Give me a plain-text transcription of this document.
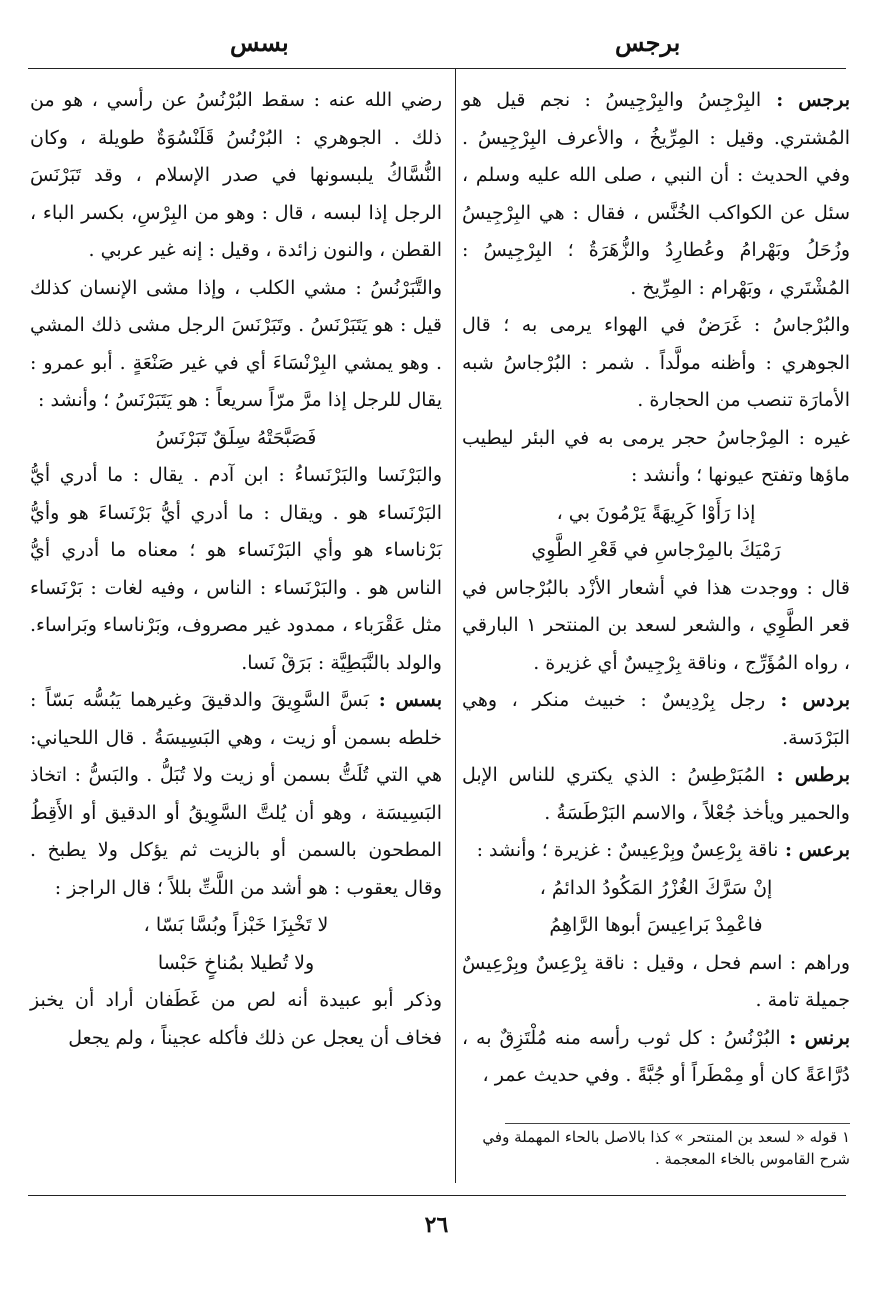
برجس
بسس

برجس : البِرْجِسُ والبِرْجِيسُ : نجم قيل هو المُشتري. وقيل : المِرِّيخُ ، والأعرف البِرْجِيسُ . وفي الحديث : أن النبي ، صلى الله عليه وسلم ، سئل عن الكواكب الخُنَّس ، فقال : هي البِرْجِيسُ وزُحَلُ وبَهْرامُ وعُطارِدُ والزُّهَرَةُ ؛ البِرْجِيسُ : المُشْتَري ، وبَهْرام : المِرِّيخ .

والبُرْجاسُ : غَرَضٌ في الهواء يرمى به ؛ قال الجوهري : وأظنه مولَّداً . شمر : البُرْجاسُ شبه الأمارَة تنصب من الحجارة .

غيره : المِرْجاسُ حجر يرمى به في البئر ليطيب ماؤها وتفتح عيونها ؛ وأنشد :

إذا رَأَوْا كَرِيهَةً يَرْمُونَ بي ،

رَمْيَكَ بالمِرْجاسِ في قَعْرِ الطَّوِي

قال : ووجدت هذا في أشعار الأزْد بالبُرْجاس في قعر الطَّوِي ، والشعر لسعد بن المنتحر ١ البارقي ، رواه المُؤَرِّج ، وناقة بِرْجِيسٌ أي غزيرة .

بردس : رجل بِرْدِيسٌ : خبيث منكر ، وهي البَرْدَسة.

برطس : المُبَرْطِسُ : الذي يكتري للناس الإبل والحمير ويأخذ جُعْلاً ، والاسم البَرْطَسَةُ .

برعس : ناقة بِرْعِسٌ وبِرْعِيسٌ : غزيرة ؛ وأنشد :

إنْ سَرَّكَ الغُزْرُ المَكُودُ الدائمُ ،

فاعْمِدْ بَراعِيسَ أبوها الرَّاهِمُ

وراهم : اسم فحل ، وقيل : ناقة بِرْعِسٌ وبِرْعِيسٌ جميلة تامة .

برنس : البُرْنُسُ : كل ثوب رأسه منه مُلْتَزِقٌ به ، دُرَّاعَةً كان أو مِمْطَراً أو جُبَّةً . وفي حديث عمر ،

١ قوله « لسعد بن المنتحر » كذا بالاصل بالحاء المهملة وفي شرح القاموس بالخاء المعجمة .

رضي الله عنه : سقط البُرْنُسُ عن رأسي ، هو من ذلك . الجوهري : البُرْنُسُ قَلَنْسُوَةٌ طويلة ، وكان النُّسَّاكُ يلبسونها في صدر الإسلام ، وقد تَبَرْنَسَ الرجل إذا لبسه ، قال : وهو من البِرْسِ، بكسر الباء ، القطن ، والنون زائدة ، وقيل : إنه غير عربي .

والتَّبَرْنُسُ : مشي الكلب ، وإذا مشى الإنسان كذلك قيل : هو يَتَبَرْنَسُ . وتَبَرْنَسَ الرجل مشى ذلك المشي . وهو يمشي البِرْنْسَاءَ أي في غير صَنْعَةٍ . أبو عمرو : يقال للرجل إذا مرَّ مرّاً سريعاً : هو يَتَبَرْنَسُ ؛ وأنشد :

فَصَبَّحَتْهُ سِلَقٌ تَبَرْنَسُ

والبَرْنَسا والبَرْنَساءُ : ابن آدم . يقال : ما أدري أيُّ البَرْنَساء هو . ويقال : ما أدري أيُّ بَرْنَساءَ هو وأيُّ بَرْناساء هو وأي البَرْنَساء هو ؛ معناه ما أدري أيُّ الناس هو . والبَرْنَساء : الناس ، وفيه لغات : بَرْنَساء مثل عَقْرَباء ، ممدود غير مصروف، وبَرْناساء وبَراساء. والولد بالنَّبَطِيَّة : بَرَقْ نَسا.

بسس : بَسَّ السَّوِيقَ والدقيقَ وغيرهما يَبُسُّه بَسّاً : خلطه بسمن أو زيت ، وهي البَسِيسَةُ . قال اللحياني: هي التي تُلَتُّ بسمن أو زيت ولا تُبَلُّ . والبَسُّ : اتخاذ البَسِيسَة ، وهو أن يُلتَّ السَّوِيقُ أو الدقيق أو الأَقِطُ المطحون بالسمن أو بالزيت ثم يؤكل ولا يطبخ . وقال يعقوب : هو أشد من اللَّتِّ بللاً ؛ قال الراجز :

لا تَخْبِزَا خَبْزاً وبُسَّا بَسّا ،

ولا تُطيلا بمُناخٍ حَبْسا

وذكر أبو عبيدة أنه لص من غَطَفان أراد أن يخبز فخاف أن يعجل عن ذلك فأكله عجيناً ، ولم يجعل

٢٦
